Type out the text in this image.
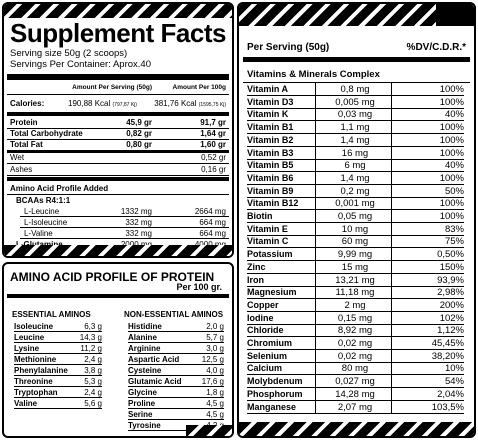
Supplement Facts
Serving size 50g (2 scoops)
Servings Per Container: Aprox.40
Amount Per Serving (50g)	Amount Per 100g
Calories:	190,88 Kcal (797,87 Kj) 381,76 Kcal (1595,75 Kj)
Protein	45,9 gr	91,7 gr
Total Carbohydrate	0,82 gr	1,64 gr
Total Fat	0,80 gr	1,60 gr
Wet	0,52 gr
Ashes	0,16 gr
Amino Acid Profile Added
BCAAs R4:1:1
L-Leucine	1332 mg	2664 mg
L-Isoleucine	332 mg	664 mg
L-Valine	332 mg	664 mg
AMINO ACID PROFILE OF PROTEIN
Per 100 gr.
ESSENTIAL AMINOS	NON-ESSENTIAL AMINOS
Isoleucine	6,3 g
Leucine	14,3 g
Lysine	11,2 g
Methionine	2,4 g
Phenylalanine 3,8 g
Threonine	5,3 g
Tryptophan	2,4 g
Valine	5,6 g
Histidine	2,0 g
Alanine	5,7 g
Arginine	3,0 g
Aspartic Acid	12,5 g
Cysteine	4,0 g
Glutamic Acid	17,6 g
Glycine	1,8 g
Proline	4,5 g
Serine	4,5 g
Tyrosine
Per Serving (50g)	%DV/C.D.R.*
Vitamins & Minerals Complex
Vitamin A	0,8 mg	100%
Vitamin D3	0,005 mg	100%
Vitamin K	0,03 mg	40%
Vitamin B1	1,1 mg	100%
Vitamin B2	1,4 mg	100%
Vitamin B3	16 mg	100%
Vitamin B5	6 mg	40%
Vitamin B6	1,4 mg	100%
Vitamin B9	0,2 mg	50%
Vitamin B12	0,001 mg	100%
Biotin	0,05 mg	100%
Vitamin E	10 mg	83%
Vitamin C	60 mg	75%
Potassium	9,99 mg	0,50%
Zinc	15 mg	150%
Iron	13,21 mg	93,9%
Magnesium	11,18 mg	2,98%
Copper	2 mg	200%
Iodine	0,15 mg	102%
Chloride	8,92 mg	1,12%
Chromium	0,02 mg	45,45%
Selenium	0,02 mg	38,20%
Calcium	80 mg	10%
Molybdenum	0,027 mg	54%
Phosphorum	14,28 mg	2,04%
Manganese	2,07 mg	103,5%
